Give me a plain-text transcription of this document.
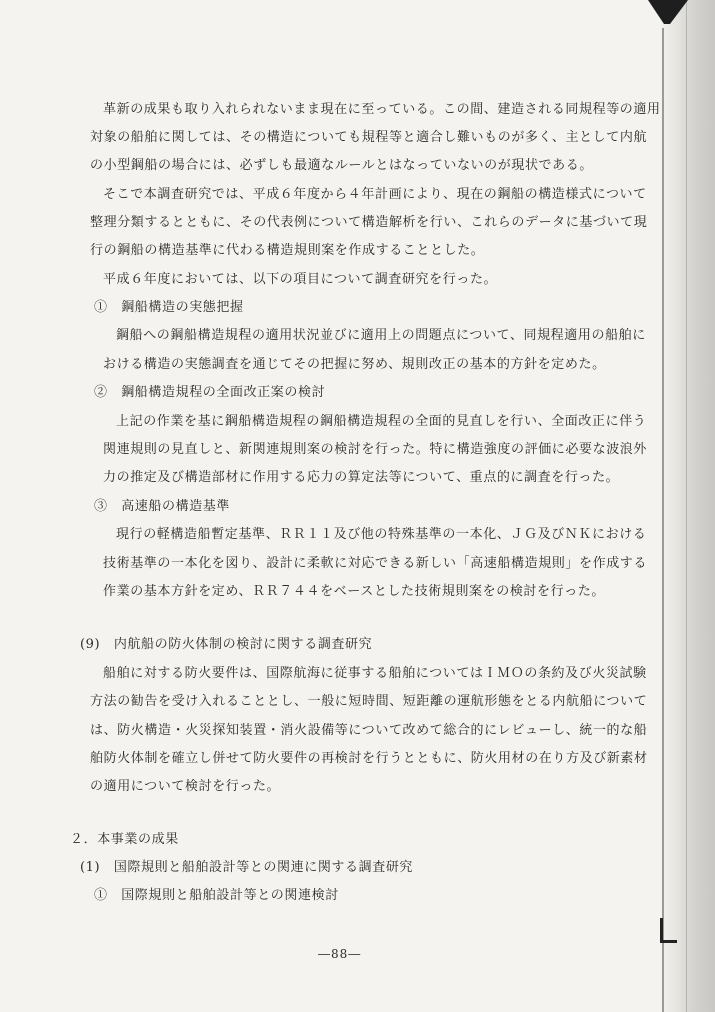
革新の成果も取り入れられないまま現在に至っている。この間、建造される同規程等の適用

対象の船舶に関しては、その構造についても規程等と適合し難いものが多く、主として内航

の小型鋼船の場合には、必ずしも最適なルールとはなっていないのが現状である。

そこで本調査研究では、平成６年度から４年計画により、現在の鋼船の構造様式について

整理分類するとともに、その代表例について構造解析を行い、これらのデータに基づいて現

行の鋼船の構造基準に代わる構造規則案を作成することとした。

平成６年度においては、以下の項目について調査研究を行った。

①　鋼船構造の実態把握

鋼船への鋼船構造規程の適用状況並びに適用上の問題点について、同規程適用の船舶に

おける構造の実態調査を通じてその把握に努め、規則改正の基本的方針を定めた。

②　鋼船構造規程の全面改正案の検討

上記の作業を基に鋼船構造規程の鋼船構造規程の全面的見直しを行い、全面改正に伴う

関連規則の見直しと、新関連規則案の検討を行った。特に構造強度の評価に必要な波浪外

力の推定及び構造部材に作用する応力の算定法等について、重点的に調査を行った。

③　高速船の構造基準

現行の軽構造船暫定基準、ＲＲ１１及び他の特殊基準の一本化、ＪＧ及びＮＫにおける

技術基準の一本化を図り、設計に柔軟に対応できる新しい「高速船構造規則」を作成する

作業の基本方針を定め、ＲＲ７４４をベースとした技術規則案をの検討を行った。

(9)　内航船の防火体制の検討に関する調査研究

船舶に対する防火要件は、国際航海に従事する船舶についてはＩＭＯの条約及び火災試験

方法の勧告を受け入れることとし、一般に短時間、短距離の運航形態をとる内航船について

は、防火構造・火災探知装置・消火設備等について改めて総合的にレビューし、統一的な船

舶防火体制を確立し併せて防火要件の再検討を行うとともに、防火用材の在り方及び新素材

の適用について検討を行った。

２．本事業の成果

(1)　国際規則と船舶設計等との関連に関する調査研究

①　国際規則と船舶設計等との関連検討

―88―
